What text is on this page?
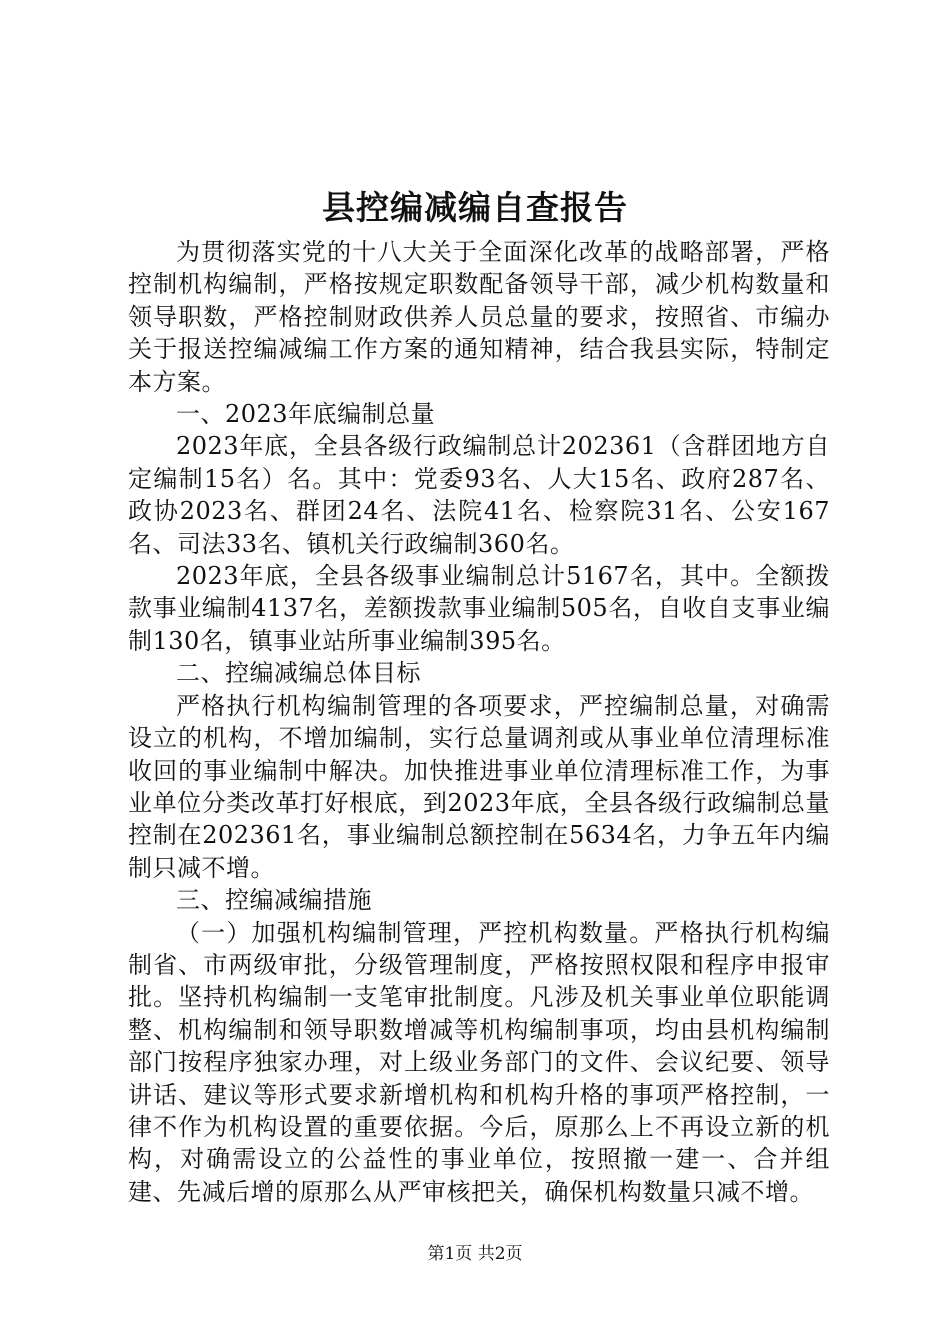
县控编减编自查报告

为贯彻落实党的十八大关于全面深化改革的战略部署，严格控制机构编制，严格按规定职数配备领导干部，减少机构数量和领导职数，严格控制财政供养人员总量的要求，按照省、市编办关于报送控编减编工作方案的通知精神，结合我县实际，特制定本方案。

一、2023年底编制总量

2023年底，全县各级行政编制总计202361（含群团地方自定编制15名）名。其中：党委93名、人大15名、政府287名、政协2023名、群团24名、法院41名、检察院31名、公安167名、司法33名、镇机关行政编制360名。

2023年底，全县各级事业编制总计5167名，其中。全额拨款事业编制4137名，差额拨款事业编制505名，自收自支事业编制130名，镇事业站所事业编制395名。

二、控编减编总体目标

严格执行机构编制管理的各项要求，严控编制总量，对确需设立的机构，不增加编制，实行总量调剂或从事业单位清理标准收回的事业编制中解决。加快推进事业单位清理标准工作，为事业单位分类改革打好根底，到2023年底，全县各级行政编制总量控制在202361名，事业编制总额控制在5634名，力争五年内编制只减不增。

三、控编减编措施

（一）加强机构编制管理，严控机构数量。严格执行机构编制省、市两级审批，分级管理制度，严格按照权限和程序申报审批。坚持机构编制一支笔审批制度。凡涉及机关事业单位职能调整、机构编制和领导职数增减等机构编制事项，均由县机构编制部门按程序独家办理，对上级业务部门的文件、会议纪要、领导讲话、建议等形式要求新增机构和机构升格的事项严格控制，一律不作为机构设置的重要依据。今后，原那么上不再设立新的机构，对确需设立的公益性的事业单位，按照撤一建一、合并组建、先减后增的原那么从严审核把关，确保机构数量只减不增。

第1页 共2页
